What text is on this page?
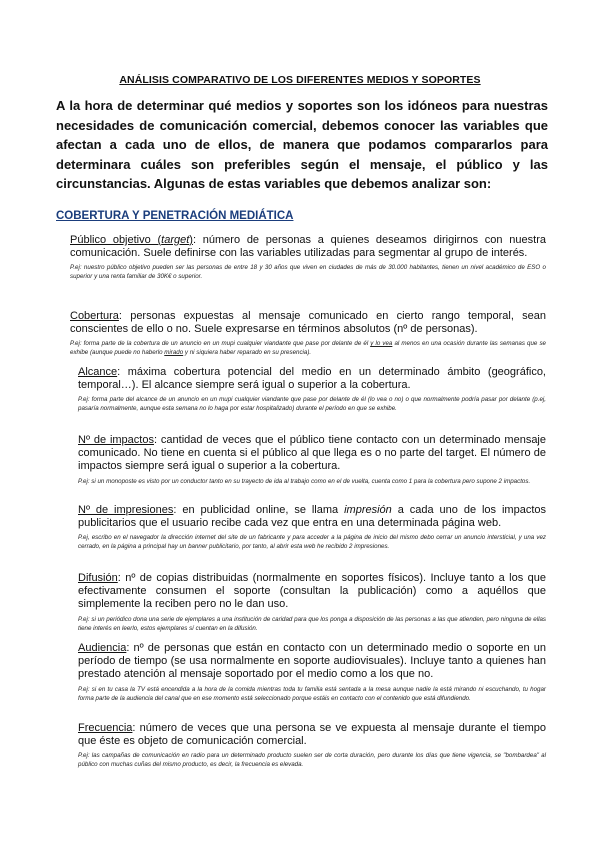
ANÁLISIS COMPARATIVO DE LOS DIFERENTES MEDIOS Y SOPORTES
A la hora de determinar qué medios y soportes son los idóneos para nuestras necesidades de comunicación comercial, debemos conocer las variables que afectan a cada uno de ellos, de manera que podamos compararlos para determinara cuáles son preferibles según el mensaje, el público y las circunstancias. Algunas de estas variables que debemos analizar son:
COBERTURA Y PENETRACIÓN MEDIÁTICA

Público objetivo (target): número de personas a quienes deseamos dirigirnos con nuestra comunicación. Suele definirse con las variables utilizadas para segmentar al grupo de interés.

P.ej: nuestro público objetivo pueden ser las personas de entre 18 y 30 años que viven en ciudades de más de 30.000 habitantes, tienen un nivel académico de ESO o superior y una renta familiar de 30K€ o superior.

Cobertura: personas expuestas al mensaje comunicado en cierto rango temporal, sean conscientes de ello o no. Suele expresarse en términos absolutos (nº de personas).

P.ej: forma parte de la cobertura de un anuncio en un mupi cualquier viandante que pase por delante de él y lo vea al menos en una ocasión durante las semanas que se exhibe (aunque puede no haberlo mirado y ni siquiera haber reparado en su presencia).

Alcance: máxima cobertura potencial del medio en un determinado ámbito (geográfico, temporal…). El alcance siempre será igual o superior a la cobertura.

P.ej: forma parte del alcance de un anuncio en un mupi cualquier viandante que pase por delante de él (lo vea o no) o que normalmente podría pasar por delante (p.ej, pasaría normalmente, aunque esta semana no lo haga por estar hospitalizado) durante el período en que se exhibe.

Nº de impactos: cantidad de veces que el público tiene contacto con un determinado mensaje comunicado. No tiene en cuenta si el público al que llega es o no parte del target. El número de impactos siempre será igual o superior a la cobertura.

P.ej: si un monoposte es visto por un conductor tanto en su trayecto de ida al trabajo como en el de vuelta, cuenta como 1 para la cobertura pero supone 2 impactos.

Nº de impresiones: en publicidad online, se llama impresión a cada uno de los impactos publicitarios que el usuario recibe cada vez que entra en una determinada página web.

P.ej, escribo en el navegador la dirección internet del site de un fabricante y para acceder a la página de inicio del mismo debo cerrar un anuncio intersticial, y una vez cerrado, en la página a principal hay un banner publicitario, por tanto, al abrir esta web he recibido 2 impresiones.

Difusión: nº de copias distribuidas (normalmente en soportes físicos). Incluye tanto a los que efectivamente consumen el soporte (consultan la publicación) como a aquéllos que simplemente la reciben pero no le dan uso.

P.ej: si un periódico dona una serie de ejemplares a una institución de caridad para que los ponga a disposición de las personas a las que atienden, pero ninguna de ellas tiene interés en leerlo, estos ejemplares sí cuentan en la difusión.

Audiencia: nº de personas que están en contacto con un determinado medio o soporte en un período de tiempo (se usa normalmente en soporte audiovisuales). Incluye tanto a quienes han prestado atención al mensaje soportado por el medio como a los que no.

P.ej: si en tu casa la TV está encendida a la hora de la comida mientras toda tu familia está sentada a la mesa aunque nadie la está mirando ni escuchando, tu hogar forma parte de la audiencia del canal que en ese momento está seleccionado porque estáis en contacto con el contenido que está difundiendo.

Frecuencia: número de veces que una persona se ve expuesta al mensaje durante el tiempo que éste es objeto de comunicación comercial.

P.ej: las campañas de comunicación en radio para un determinado producto suelen ser de corta duración, pero durante los días que tiene vigencia, se "bombardea" al público con muchas cuñas del mismo producto, es decir, la frecuencia es elevada.
